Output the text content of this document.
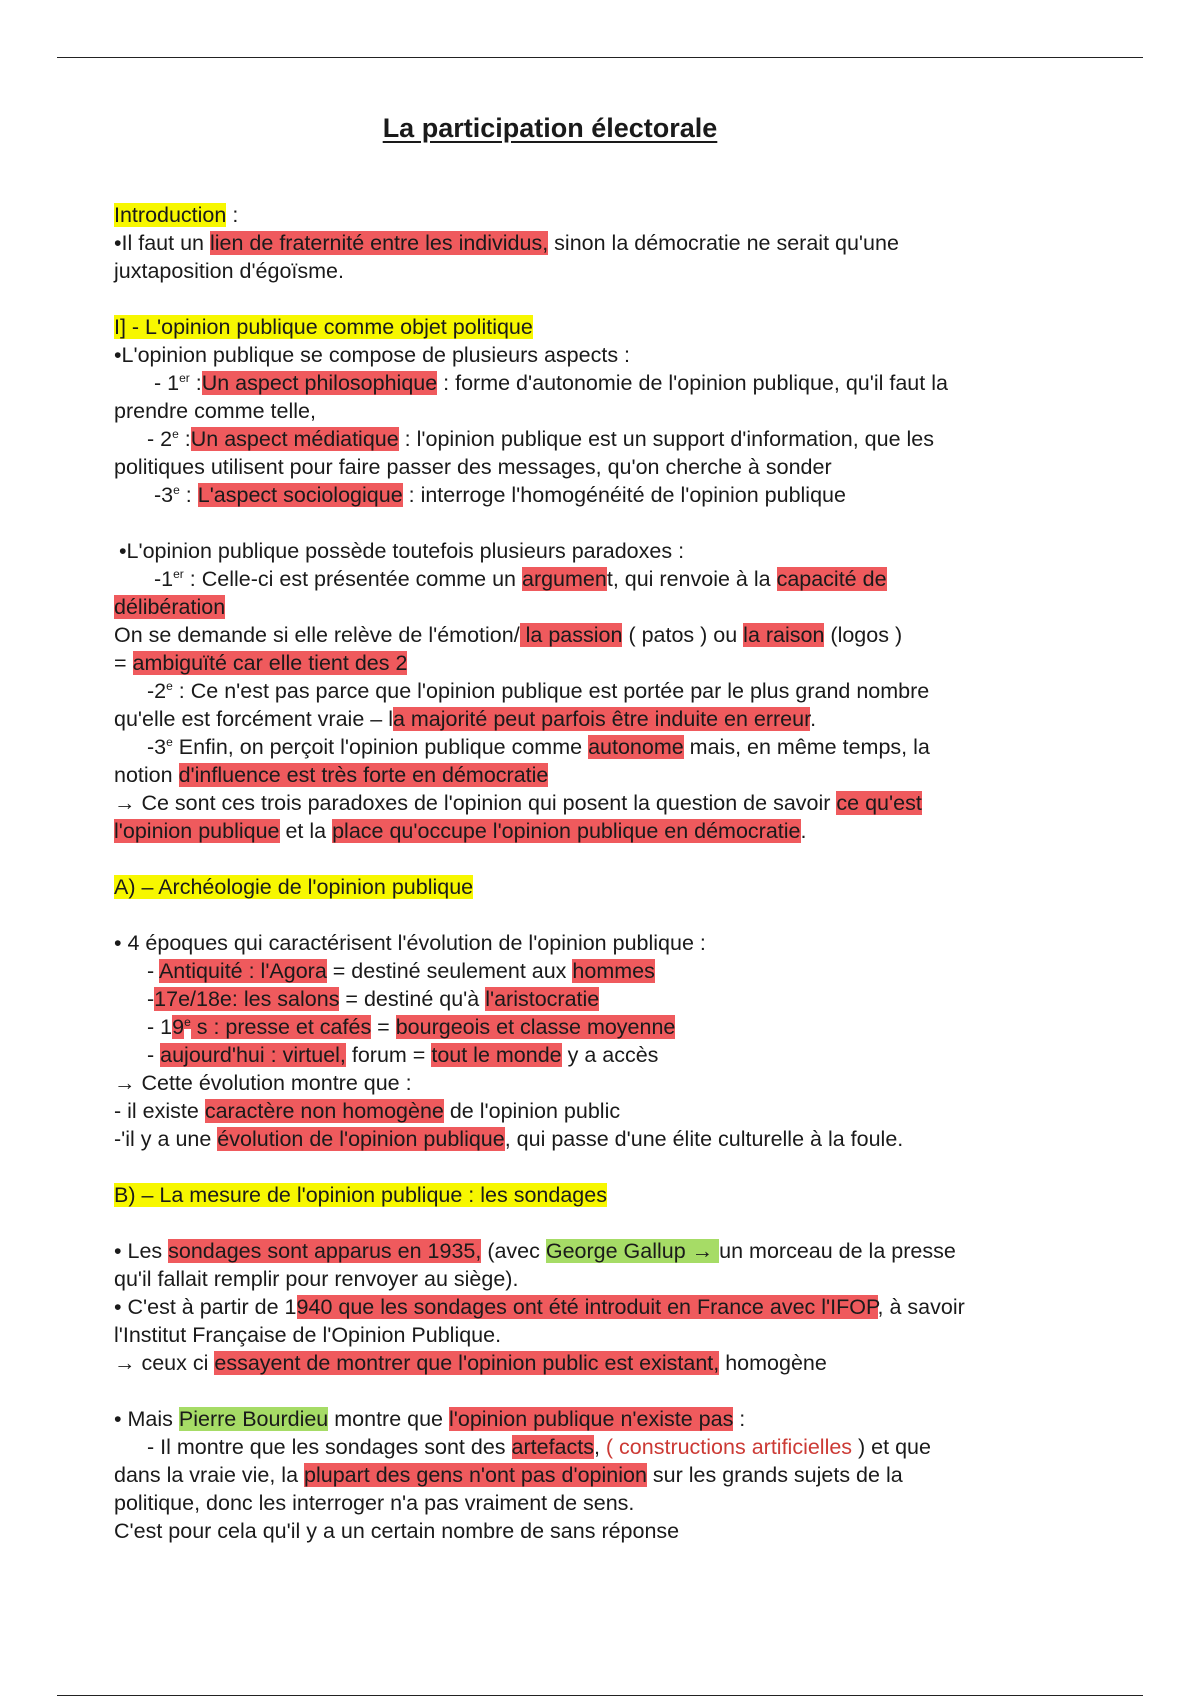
La participation électorale

Introduction :

•Il faut un lien de fraternité entre les individus, sinon la démocratie ne serait qu'une

juxtaposition d'égoïsme.

I] - L'opinion publique comme objet politique

•L'opinion publique se compose de plusieurs aspects :

- 1er :Un aspect philosophique : forme d'autonomie de l'opinion publique, qu'il faut la

prendre comme telle,

- 2e :Un aspect médiatique : l'opinion publique est un support d'information, que les

politiques utilisent pour faire passer des messages, qu'on cherche à sonder

-3e : L'aspect sociologique : interroge l'homogénéité de l'opinion publique

•L'opinion publique possède toutefois plusieurs paradoxes :

-1er : Celle-ci est présentée comme un argument, qui renvoie à la capacité de

délibération

On se demande si elle relève de l'émotion/ la passion ( patos ) ou la raison (logos )

= ambiguïté car elle tient des 2

-2e : Ce n'est pas parce que l'opinion publique est portée par le plus grand nombre

qu'elle est forcément vraie – la majorité peut parfois être induite en erreur.

-3e Enfin, on perçoit l'opinion publique comme autonome mais, en même temps, la

notion d'influence est très forte en démocratie

→ Ce sont ces trois paradoxes de l'opinion qui posent la question de savoir ce qu'est

l'opinion publique et la place qu'occupe l'opinion publique en démocratie.

A) – Archéologie de l'opinion publique

• 4 époques qui caractérisent l'évolution de l'opinion publique :

- Antiquité : l'Agora = destiné seulement aux hommes

-17e/18e: les salons = destiné qu'à l'aristocratie

- 19e s : presse et cafés = bourgeois et classe moyenne

- aujourd'hui : virtuel, forum = tout le monde y a accès

→ Cette évolution montre que :

- il existe caractère non homogène de l'opinion public

-'il y a une évolution de l'opinion publique, qui passe d'une élite culturelle à la foule.

B) – La mesure de l'opinion publique : les sondages

• Les sondages sont apparus en 1935, (avec George Gallup → un morceau de la presse

qu'il fallait remplir pour renvoyer au siège).

• C'est à partir de 1940 que les sondages ont été introduit en France avec l'IFOP, à savoir

l'Institut Française de l'Opinion Publique.

→ ceux ci essayent de montrer que l'opinion public est existant, homogène

• Mais Pierre Bourdieu montre que l'opinion publique n'existe pas :

- Il montre que les sondages sont des artefacts, ( constructions artificielles ) et que

dans la vraie vie, la plupart des gens n'ont pas d'opinion sur les grands sujets de la

politique, donc les interroger n'a pas vraiment de sens.

C'est pour cela qu'il y a un certain nombre de sans réponse
